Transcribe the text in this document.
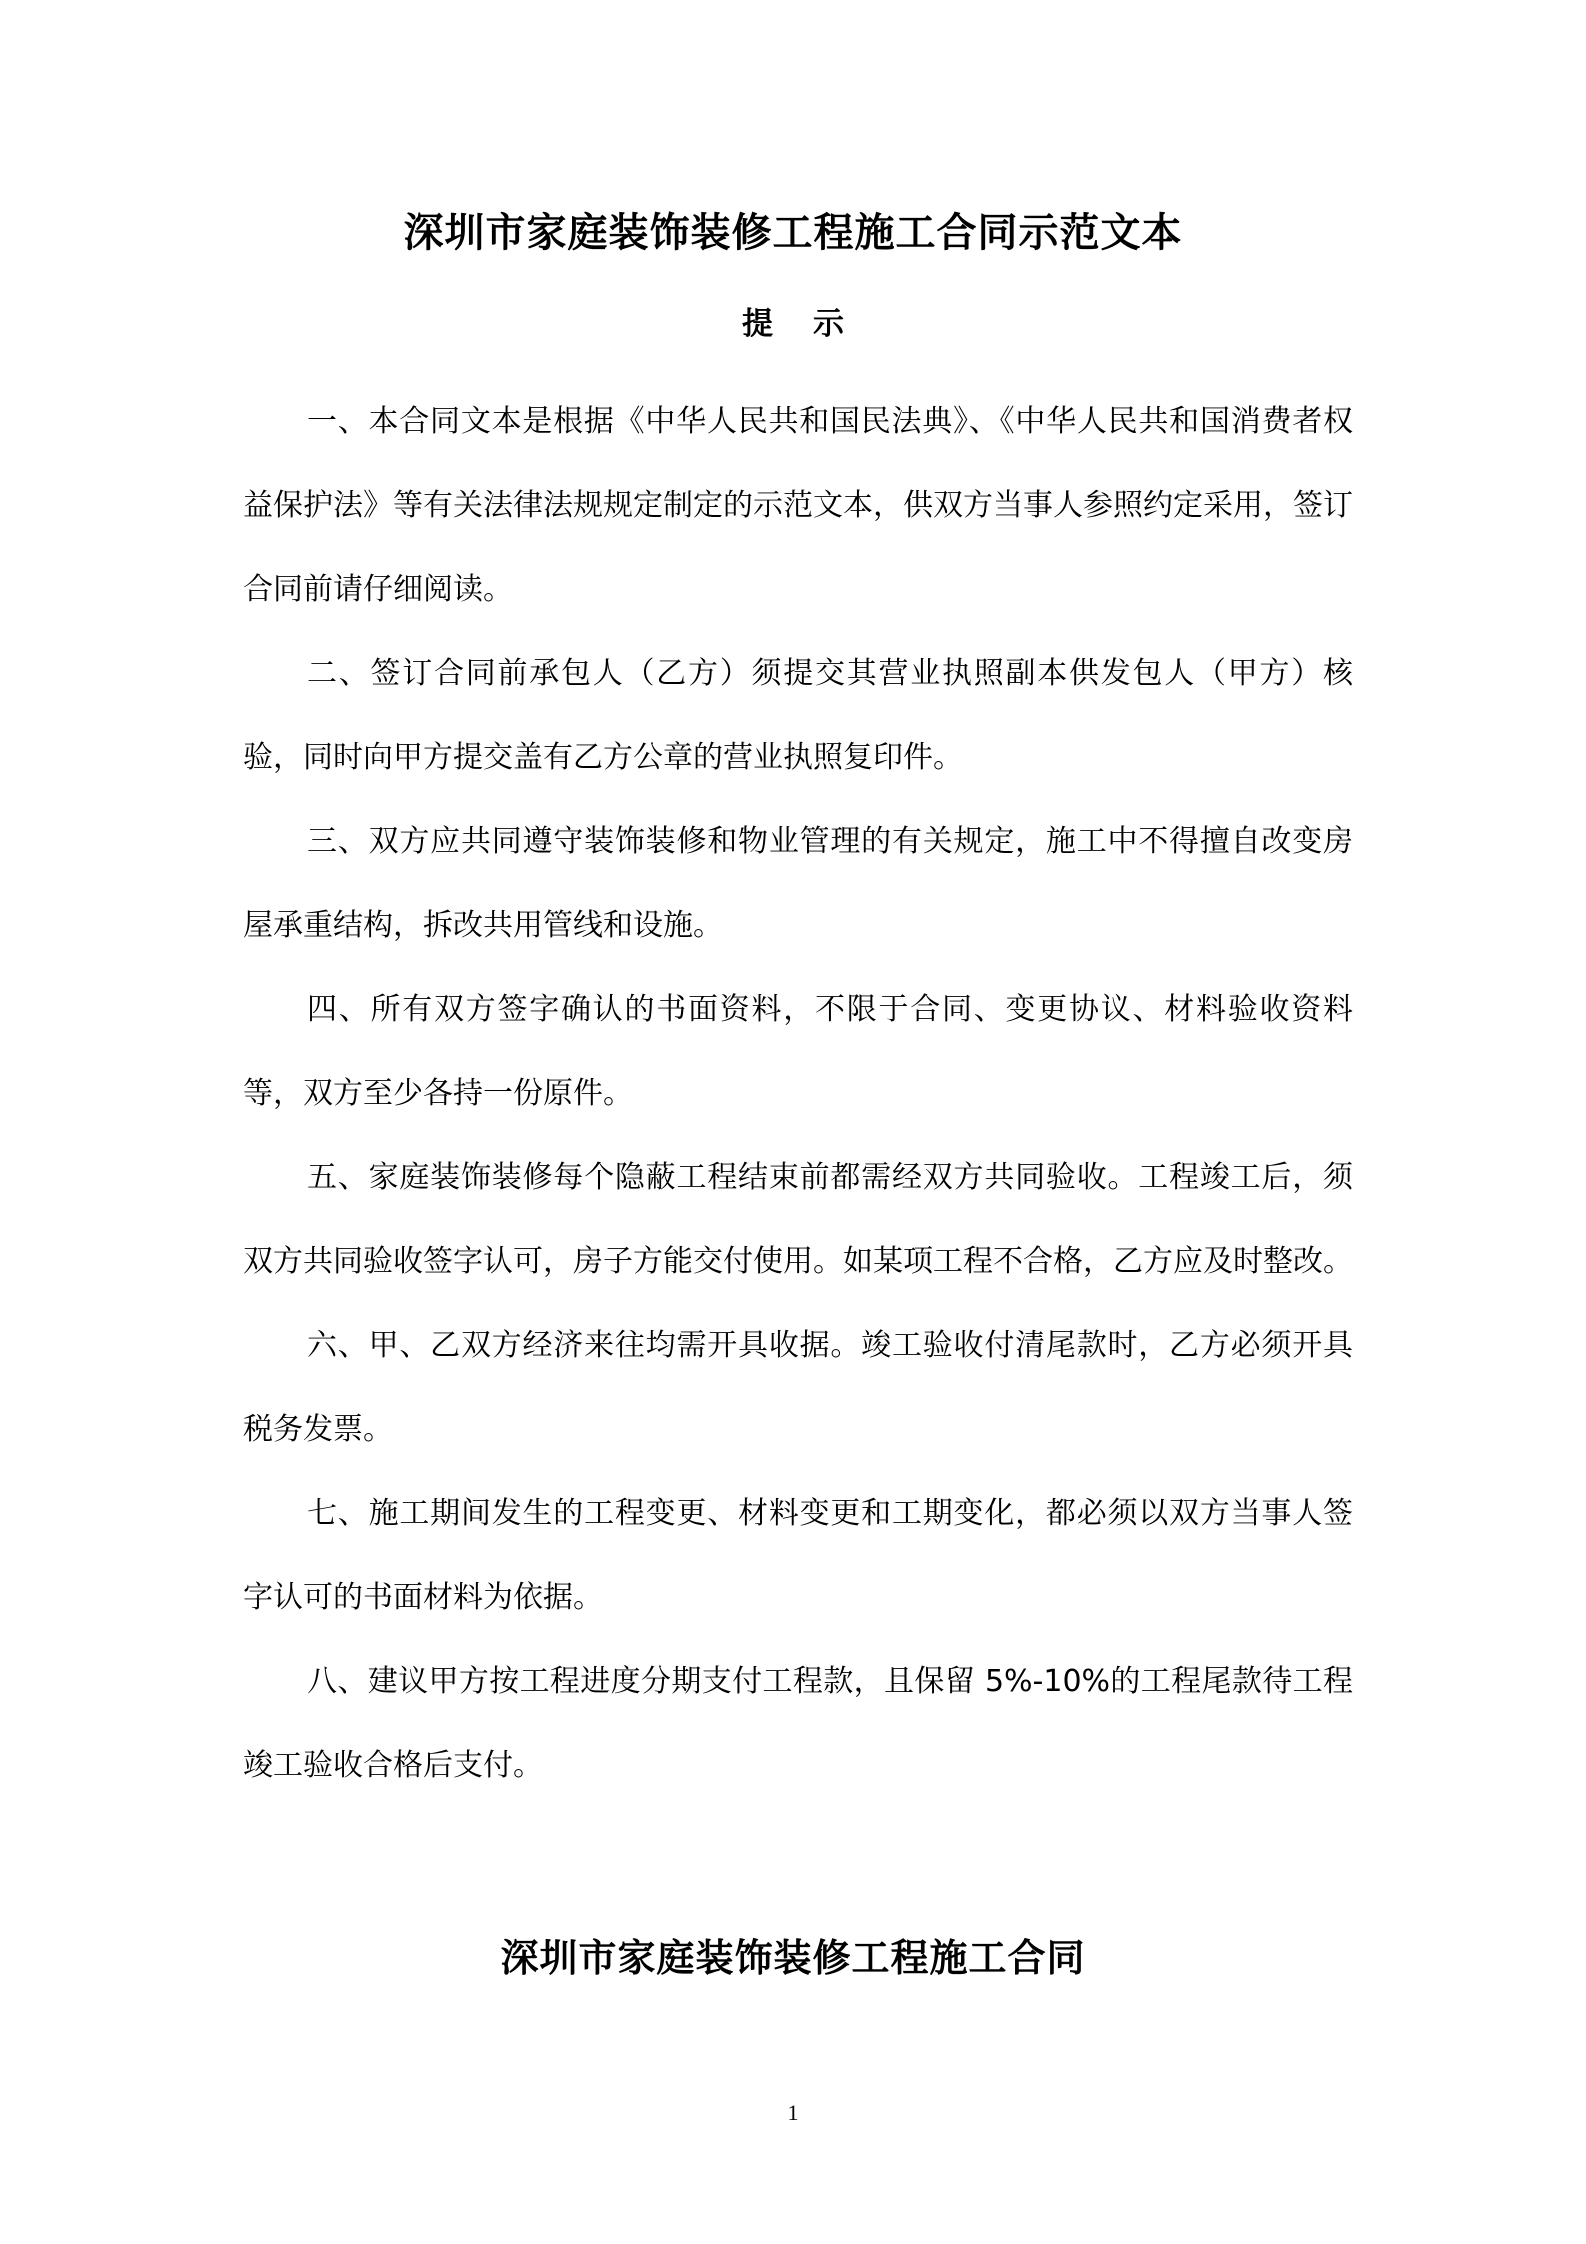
深圳市家庭装饰装修工程施工合同示范文本
提示

一、本合同文本是根据《中华人民共和国民法典》、《中华人民共和国消费者权益保护法》等有关法律法规规定制定的示范文本，供双方当事人参照约定采用，签订合同前请仔细阅读。

二、签订合同前承包人（乙方）须提交其营业执照副本供发包人（甲方）核验，同时向甲方提交盖有乙方公章的营业执照复印件。

三、双方应共同遵守装饰装修和物业管理的有关规定，施工中不得擅自改变房屋承重结构，拆改共用管线和设施。

四、所有双方签字确认的书面资料，不限于合同、变更协议、材料验收资料等，双方至少各持一份原件。

五、家庭装饰装修每个隐蔽工程结束前都需经双方共同验收。工程竣工后，须双方共同验收签字认可，房子方能交付使用。如某项工程不合格，乙方应及时整改。

六、甲、乙双方经济来往均需开具收据。竣工验收付清尾款时，乙方必须开具税务发票。

七、施工期间发生的工程变更、材料变更和工期变化，都必须以双方当事人签字认可的书面材料为依据。

八、建议甲方按工程进度分期支付工程款，且保留 5%-10%的工程尾款待工程竣工验收合格后支付。

深圳市家庭装饰装修工程施工合同
1
